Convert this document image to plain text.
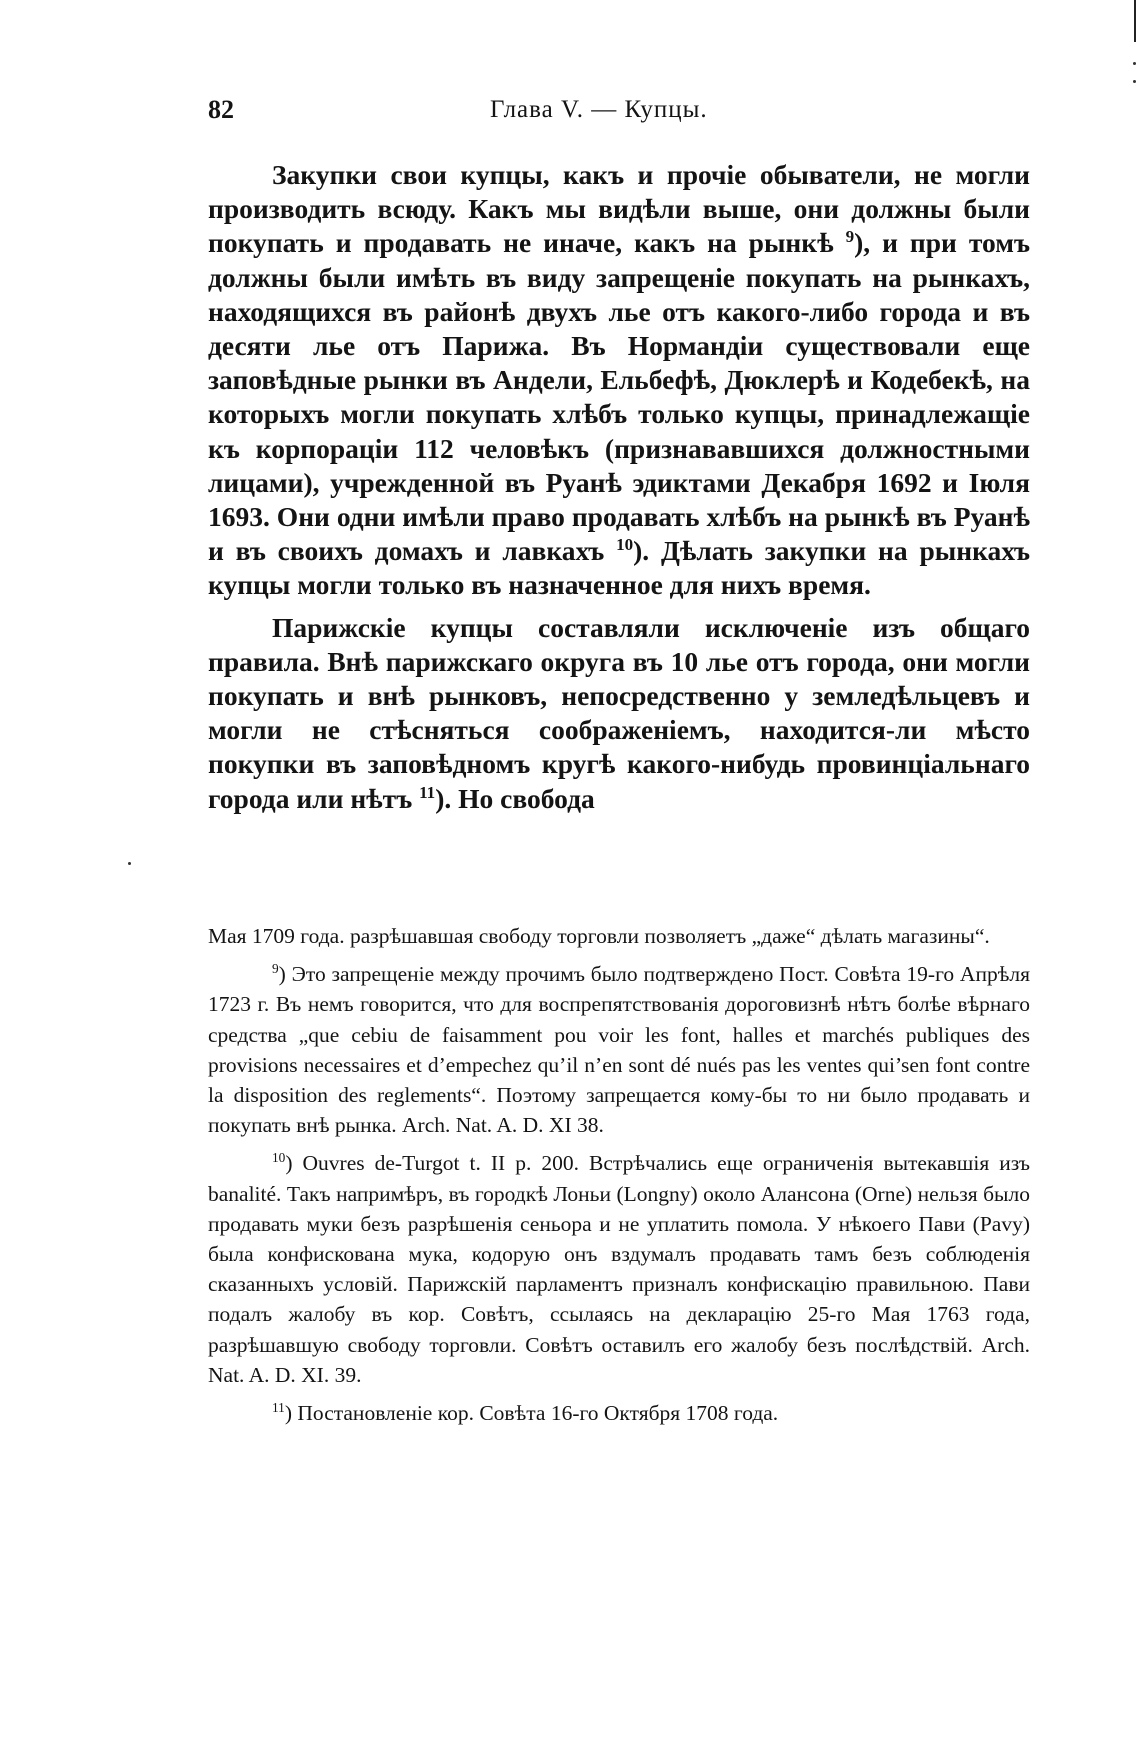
82	Глава V. — Купцы.

Закупки свои купцы, какъ и прочіе обыватели, не могли производить всюду. Какъ мы видѣли выше, они должны были покупать и продавать не иначе, какъ на рынкѣ $^9$), и при томъ должны были имѣть въ виду запрещеніе покупать на рынкахъ, находящихся въ районѣ двухъ лье отъ какого-либо города и въ десяти лье отъ Парижа. Въ Нормандіи существовали еще заповѣдные рынки въ Андели, Ельбефѣ, Дюклерѣ и Кодебекѣ, на которыхъ могли покупать хлѣбъ только купцы, принадлежащіе къ корпораціи 112 человѣкъ (признававшихся должностными лицами), учрежденной въ Руанѣ эдиктами Декабря 1692 и Іюля 1693. Они одни имѣли право продавать хлѣбъ на рынкѣ въ Руанѣ и въ своихъ домахъ и лавкахъ $^{10}$). Дѣлать закупки на рынкахъ купцы могли только въ назначенное для нихъ время.

Парижскіе купцы составляли исключеніе изъ общаго правила. Внѣ парижскаго округа въ 10 лье отъ города, они могли покупать и внѣ рынковъ, непосредственно у земледѣльцевъ и могли не стѣсняться соображеніемъ, находится-ли мѣсто покупки въ заповѣдномъ кругѣ какого-нибудь провинціальнаго города или нѣтъ $^{11}$). Но свобода

Мая 1709 года. разрѣшавшая свободу торговли позволяетъ „даже“ дѣлать магазины“.

$^9$) Это запрещеніе между прочимъ было подтверждено Пост. Совѣта 19-го Апрѣля 1723 г. Въ немъ говорится, что для воспрепятствованія дороговизнѣ нѣтъ болѣе вѣрнаго средства „que cebiu de faisamment pou voir les font, halles et marchés publiques des provisions necessaires et d’empechez qu’il n’en sont dé nués pas les ventes qui’sen font contre la disposition des reglements“. Поэтому запрещается кому-бы то ни было продавать и покупать внѣ рынка. Arch. Nat. A. D. XI 38.

$^{10}$) Ouvres de-Turgot t. II p. 200. Встрѣчались еще ограниченія вытекавшія изъ banalité. Такъ напримѣръ, въ городкѣ Лоньи (Longny) около Алансона (Orne) нельзя было продавать муки безъ разрѣшенія сеньора и не уплатить помола. У нѣкоего Пави (Pavy) была конфискована мука, кодорую онъ вздумалъ продавать тамъ безъ соблюденія сказанныхъ условій. Парижскій парламентъ призналъ конфискацію правильною. Пави подалъ жалобу въ кор. Совѣтъ, ссылаясь на декларацію 25-го Мая 1763 года, разрѣшавшую свободу торговли. Совѣтъ оставилъ его жалобу безъ послѣдствій. Arch. Nat. A. D. XI. 39.

$^{11}$) Постановленіе кор. Совѣта 16-го Октября 1708 года.
